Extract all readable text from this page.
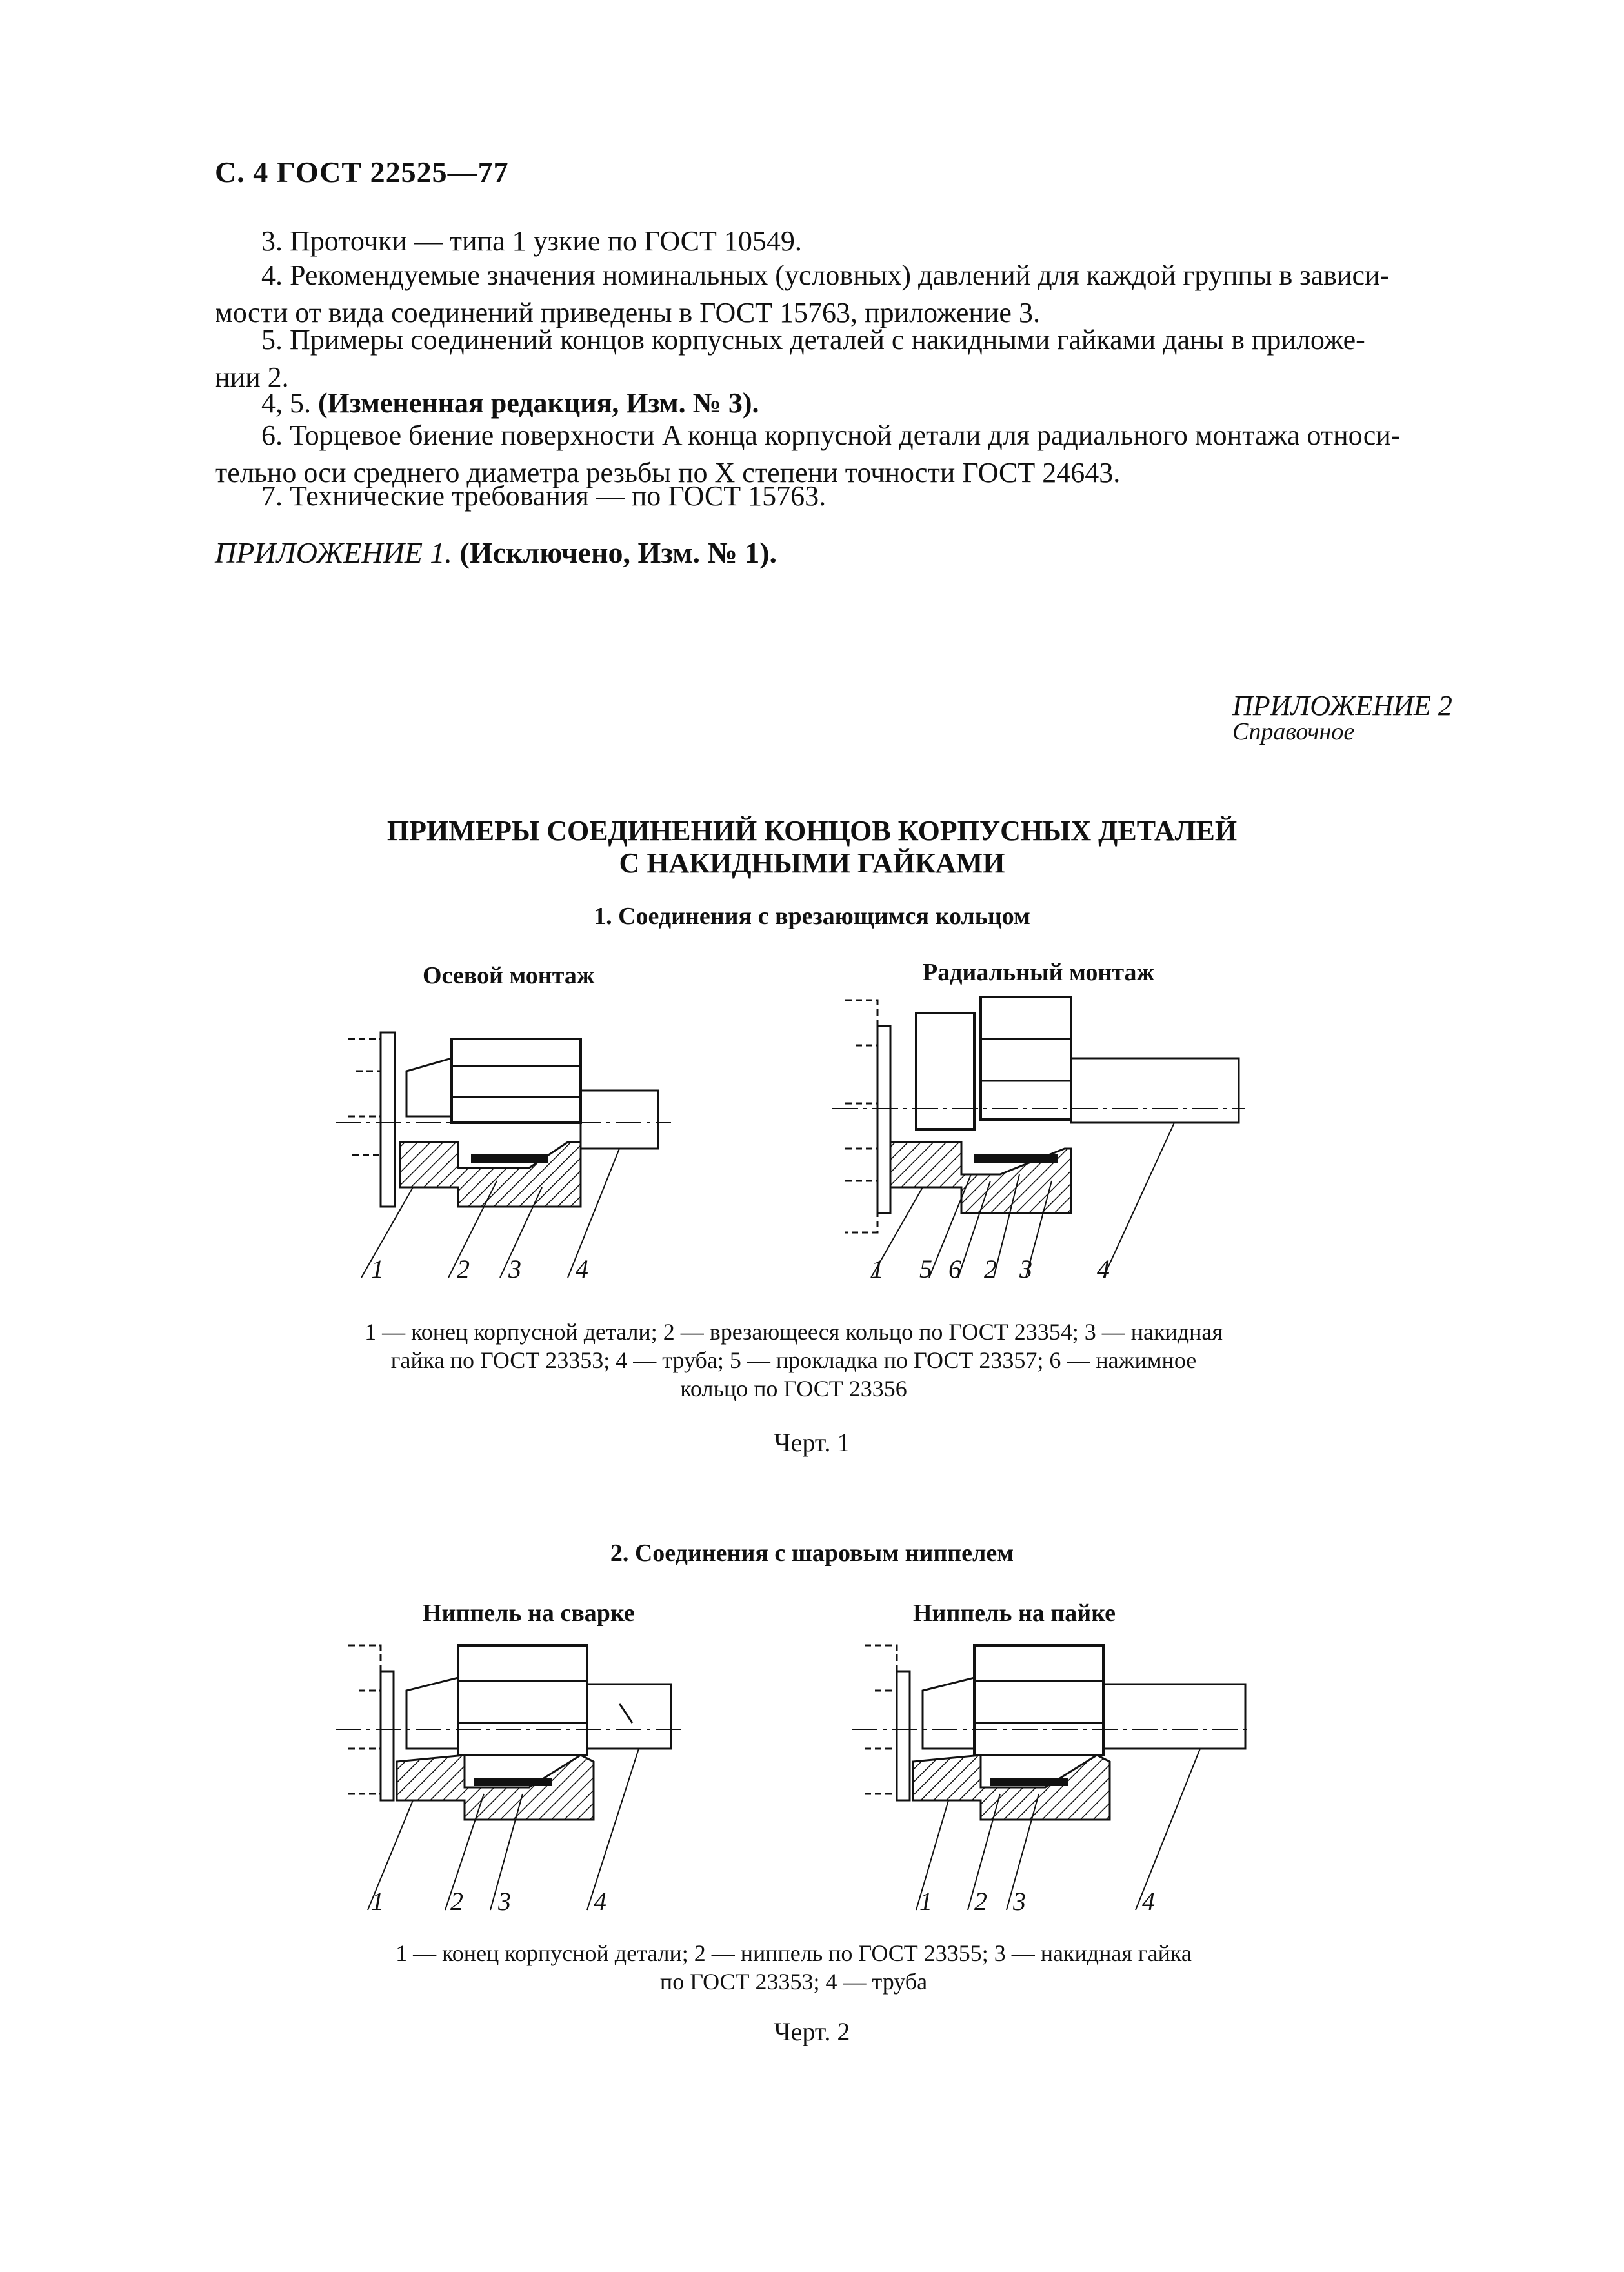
С. 4 ГОСТ 22525—77
3. Проточки — типа 1 узкие по ГОСТ 10549.
4. Рекомендуемые значения номинальных (условных) давлений для каждой группы в зависи-
мости от вида соединений приведены в ГОСТ 15763, приложение 3.
5. Примеры соединений концов корпусных деталей с накидными гайками даны в приложе-
нии 2.
4, 5. (Измененная редакция, Изм. № 3).
6. Торцевое биение поверхности A конца корпусной детали для радиального монтажа относи-
тельно оси среднего диаметра резьбы по X степени точности ГОСТ 24643.
7. Технические требования — по ГОСТ 15763.
ПРИЛОЖЕНИЕ 1. (Исключено, Изм. № 1).
ПРИЛОЖЕНИЕ 2
Справочное
ПРИМЕРЫ СОЕДИНЕНИЙ КОНЦОВ КОРПУСНЫХ ДЕТАЛЕЙ
С НАКИДНЫМИ ГАЙКАМИ
1. Соединения с врезающимся кольцом
Осевой монтаж	Радиальный монтаж
1	2 3 4	1 5 6 2 3	4
1 — конец корпусной детали; 2 — врезающееся кольцо по ГОСТ 23354; 3 — накидная
гайка по ГОСТ 23353; 4 — труба; 5 — прокладка по ГОСТ 23357; 6 — нажимное
кольцо по ГОСТ 23356
Черт. 1
2. Соединения с шаровым ниппелем
Ниппель на сварке	Ниппель на пайке
1	2 3	4	1 2 3	4
1 — конец корпусной детали; 2 — ниппель по ГОСТ 23355; 3 — накидная гайка
по ГОСТ 23353; 4 — труба
Черт. 2
